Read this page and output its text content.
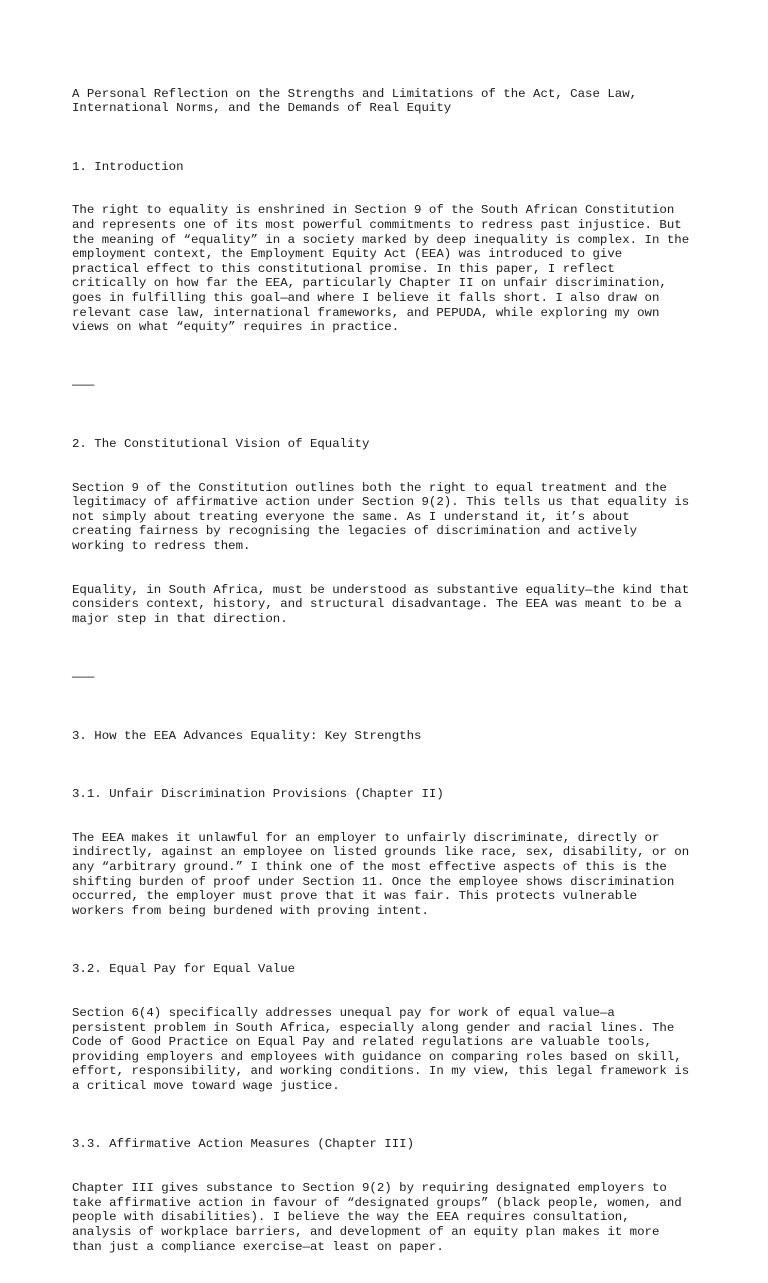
A Personal Reflection on the Strengths and Limitations of the Act, Case Law,
International Norms, and the Demands of Real Equity

1. Introduction

The right to equality is enshrined in Section 9 of the South African Constitution
and represents one of its most powerful commitments to redress past injustice. But
the meaning of “equality” in a society marked by deep inequality is complex. In the
employment context, the Employment Equity Act (EEA) was introduced to give
practical effect to this constitutional promise. In this paper, I reflect
critically on how far the EEA, particularly Chapter II on unfair discrimination,
goes in fulfilling this goal—and where I believe it falls short. I also draw on
relevant case law, international frameworks, and PEPUDA, while exploring my own
views on what “equity” requires in practice.

———

2. The Constitutional Vision of Equality

Section 9 of the Constitution outlines both the right to equal treatment and the
legitimacy of affirmative action under Section 9(2). This tells us that equality is
not simply about treating everyone the same. As I understand it, it’s about
creating fairness by recognising the legacies of discrimination and actively
working to redress them.

Equality, in South Africa, must be understood as substantive equality—the kind that
considers context, history, and structural disadvantage. The EEA was meant to be a
major step in that direction.

———

3. How the EEA Advances Equality: Key Strengths

3.1. Unfair Discrimination Provisions (Chapter II)

The EEA makes it unlawful for an employer to unfairly discriminate, directly or
indirectly, against an employee on listed grounds like race, sex, disability, or on
any “arbitrary ground.” I think one of the most effective aspects of this is the
shifting burden of proof under Section 11. Once the employee shows discrimination
occurred, the employer must prove that it was fair. This protects vulnerable
workers from being burdened with proving intent.

3.2. Equal Pay for Equal Value

Section 6(4) specifically addresses unequal pay for work of equal value—a
persistent problem in South Africa, especially along gender and racial lines. The
Code of Good Practice on Equal Pay and related regulations are valuable tools,
providing employers and employees with guidance on comparing roles based on skill,
effort, responsibility, and working conditions. In my view, this legal framework is
a critical move toward wage justice.

3.3. Affirmative Action Measures (Chapter III)

Chapter III gives substance to Section 9(2) by requiring designated employers to
take affirmative action in favour of “designated groups” (black people, women, and
people with disabilities). I believe the way the EEA requires consultation,
analysis of workplace barriers, and development of an equity plan makes it more
than just a compliance exercise—at least on paper.
